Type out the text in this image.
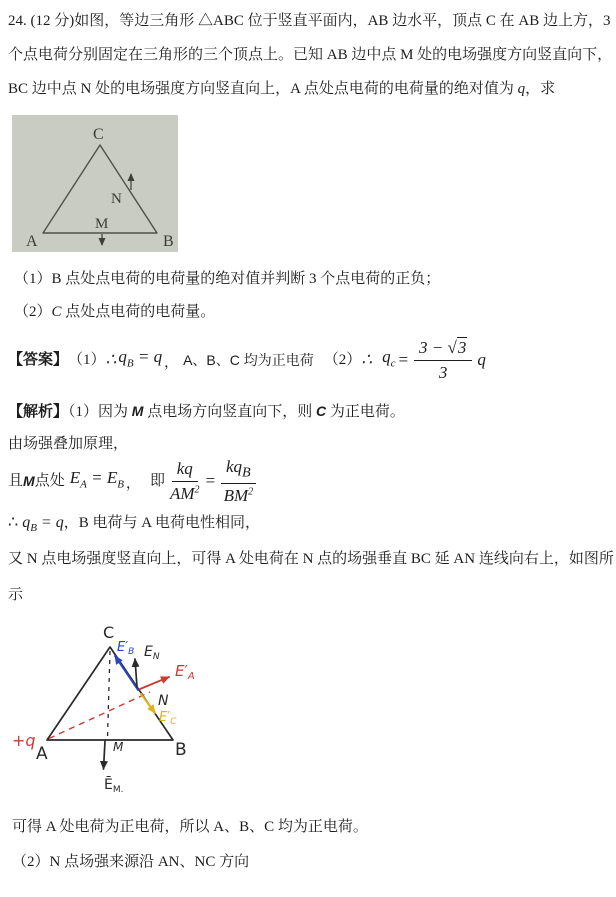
24. (12 分)如图，等边三角形 △ABC 位于竖直平面内，AB 边水平，顶点 C 在 AB 边上方，3
个点电荷分别固定在三角形的三个顶点上。已知 AB 边中点 M 处的电场强度方向竖直向下，
BC 边中点 N 处的电场强度方向竖直向上，A 点处点电荷的电荷量的绝对值为 q，求
C
A	B
M
N
（1）B 点处点电荷的电荷量的绝对值并判断 3 个点电荷的正负；
（2）C 点处点电荷的电荷量。
【答案】 （1） ∴ $q_B = q$ ， A、B、C 均为正电荷 （2） ∴ $q_c = \frac{3 - √3}{3}$ q
【解析】（1）因为 M 点电场方向竖直向下，则 C 为正电荷。
由场强叠加原理，
且 M 点处 $E_A = E_B$ ， 即 $\frac{kq}{AM^2} = \frac{kq_B}{BM^2}$
∴ $q_B = q$，B 电荷与 A 电荷电性相同，
又 N 点电场强度竖直向上，可得 A 处电荷在 N 点的场强垂直 BC 延 AN 连线向右上，如图所
示
C
A	B
M
N
+q
$E'_B$ $E_N$
$E'_A$
$E'_C$
$Ē_{M.}$
可得 A 处电荷为正电荷，所以 A、B、C 均为正电荷。
（2）N 点场强来源沿 AN、NC 方向
